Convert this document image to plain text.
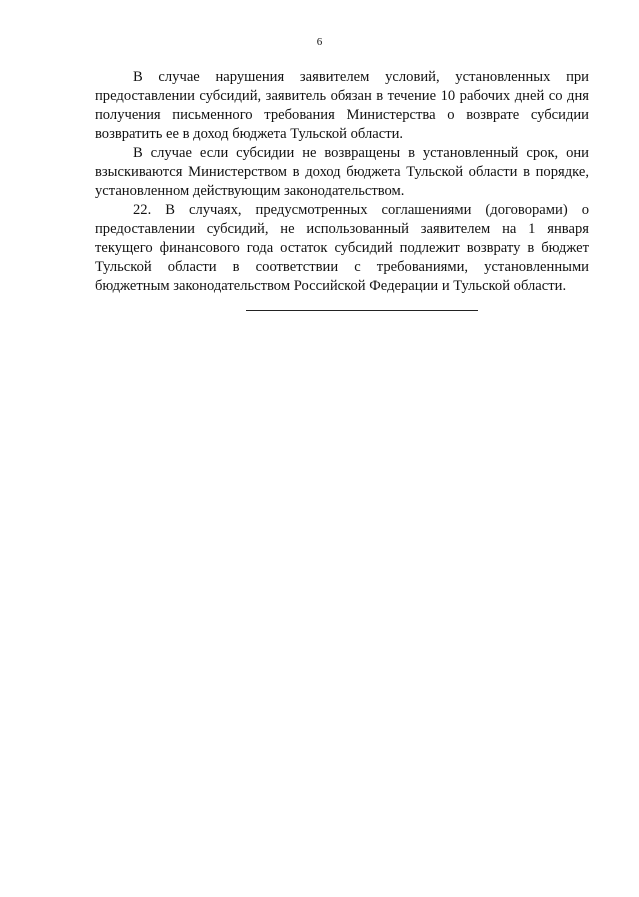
6

В случае нарушения заявителем условий, установленных при предоставлении субсидий, заявитель обязан в течение 10 рабочих дней со дня получения письменного требования Министерства о возврате субсидии возвратить ее в доход бюджета Тульской области.

В случае если субсидии не возвращены в установленный срок, они взыскиваются Министерством в доход бюджета Тульской области в порядке, установленном действующим законодательством.

22. В случаях, предусмотренных соглашениями (договорами) о предоставлении субсидий, не использованный заявителем на 1 января текущего финансового года остаток субсидий подлежит возврату в бюджет Тульской области в соответствии с требованиями, установленными бюджетным законодательством Российской Федерации и Тульской области.
